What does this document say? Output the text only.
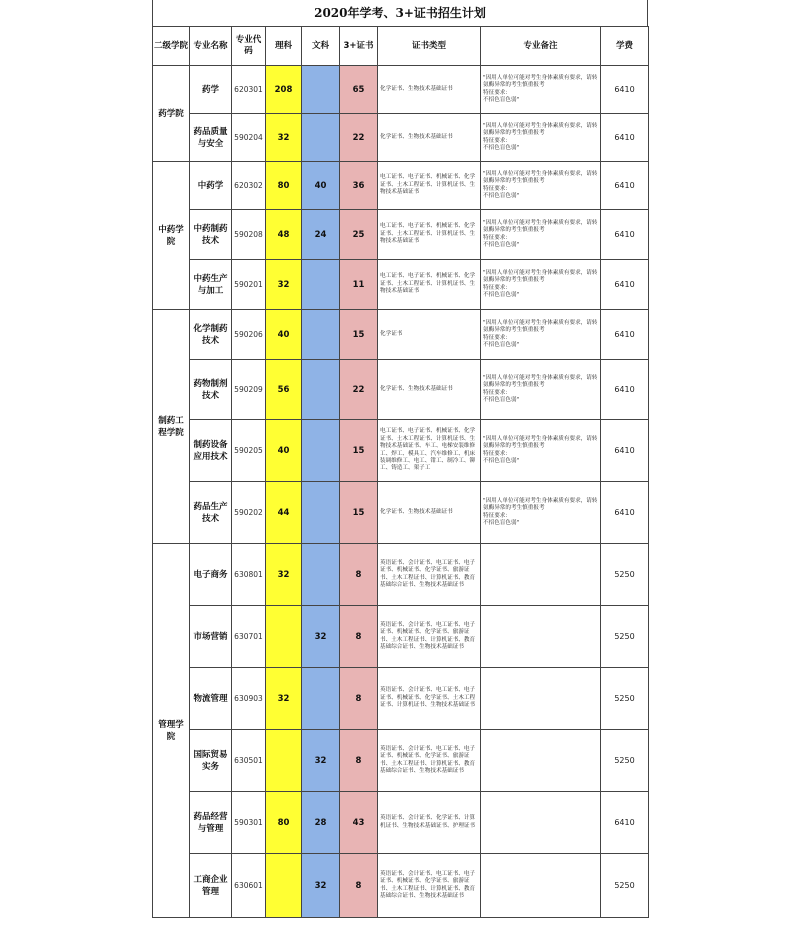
2020年学考、3+证书招生计划
二级学院	专业名称	专业代码	理科	文科	3+证书	证书类型	专业备注	学费
药学院	药学	620301	208		65	化学证书、生物技术基础证书	"因用人单位可能对考生身体素质有要求，请转氨酶异常的考生慎重报考
特征要求：
不招色盲色弱"	6410
	药品质量与安全	590204	32		22	化学证书、生物技术基础证书	"因用人单位可能对考生身体素质有要求，请转氨酶异常的考生慎重报考
特征要求：
不招色盲色弱"	6410
中药学院	中药学	620302	80	40	36	电工证书、电子证书、机械证书、化学证书、土木工程证书、计算机证书、生物技术基础证书	"因用人单位可能对考生身体素质有要求，请转氨酶异常的考生慎重报考
特征要求：
不招色盲色弱"	6410
	中药制药技术	590208	48	24	25	电工证书、电子证书、机械证书、化学证书、土木工程证书、计算机证书、生物技术基础证书	"因用人单位可能对考生身体素质有要求，请转氨酶异常的考生慎重报考
特征要求：
不招色盲色弱"	6410
	中药生产与加工	590201	32		11	电工证书、电子证书、机械证书、化学证书、土木工程证书、计算机证书、生物技术基础证书	"因用人单位可能对考生身体素质有要求，请转氨酶异常的考生慎重报考
特征要求：
不招色盲色弱"	6410
制药工程学院	化学制药技术	590206	40		15	化学证书	"因用人单位可能对考生身体素质有要求，请转氨酶异常的考生慎重报考
特征要求：
不招色盲色弱"	6410
	药物制剂技术	590209	56		22	化学证书、生物技术基础证书	"因用人单位可能对考生身体素质有要求，请转氨酶异常的考生慎重报考
特征要求：
不招色盲色弱"	6410
	制药设备应用技术	590205	40		15	电工证书、电子证书、机械证书、化学证书、土木工程证书、计算机证书、生物技术基础证书、车工、电梯安装维修工、焊工、模具工、汽车维修工、机床装调维修工、电工、钳工、制冷工、铆工、铸造工、架子工	"因用人单位可能对考生身体素质有要求，请转氨酶异常的考生慎重报考
特征要求：
不招色盲色弱"	6410
	药品生产技术	590202	44		15	化学证书、生物技术基础证书	"因用人单位可能对考生身体素质有要求，请转氨酶异常的考生慎重报考
特征要求：
不招色盲色弱"	6410
管理学院	电子商务	630801	32		8	英语证书、会计证书、电工证书、电子证书、机械证书、化学证书、旅游证书、土木工程证书、计算机证书、教育基础综合证书、生物技术基础证书		5250
	市场营销	630701		32	8	英语证书、会计证书、电工证书、电子证书、机械证书、化学证书、旅游证书、土木工程证书、计算机证书、教育基础综合证书、生物技术基础证书		5250
	物流管理	630903	32		8	英语证书、会计证书、电工证书、电子证书、机械证书、化学证书、土木工程证书、计算机证书、生物技术基础证书		5250
	国际贸易实务	630501		32	8	英语证书、会计证书、电工证书、电子证书、机械证书、化学证书、旅游证书、土木工程证书、计算机证书、教育基础综合证书、生物技术基础证书		5250
	药品经营与管理	590301	80	28	43	英语证书、会计证书、化学证书、计算机证书、生物技术基础证书、护理证书		6410
	工商企业管理	630601		32	8	英语证书、会计证书、电工证书、电子证书、机械证书、化学证书、旅游证书、土木工程证书、计算机证书、教育基础综合证书、生物技术基础证书		5250
